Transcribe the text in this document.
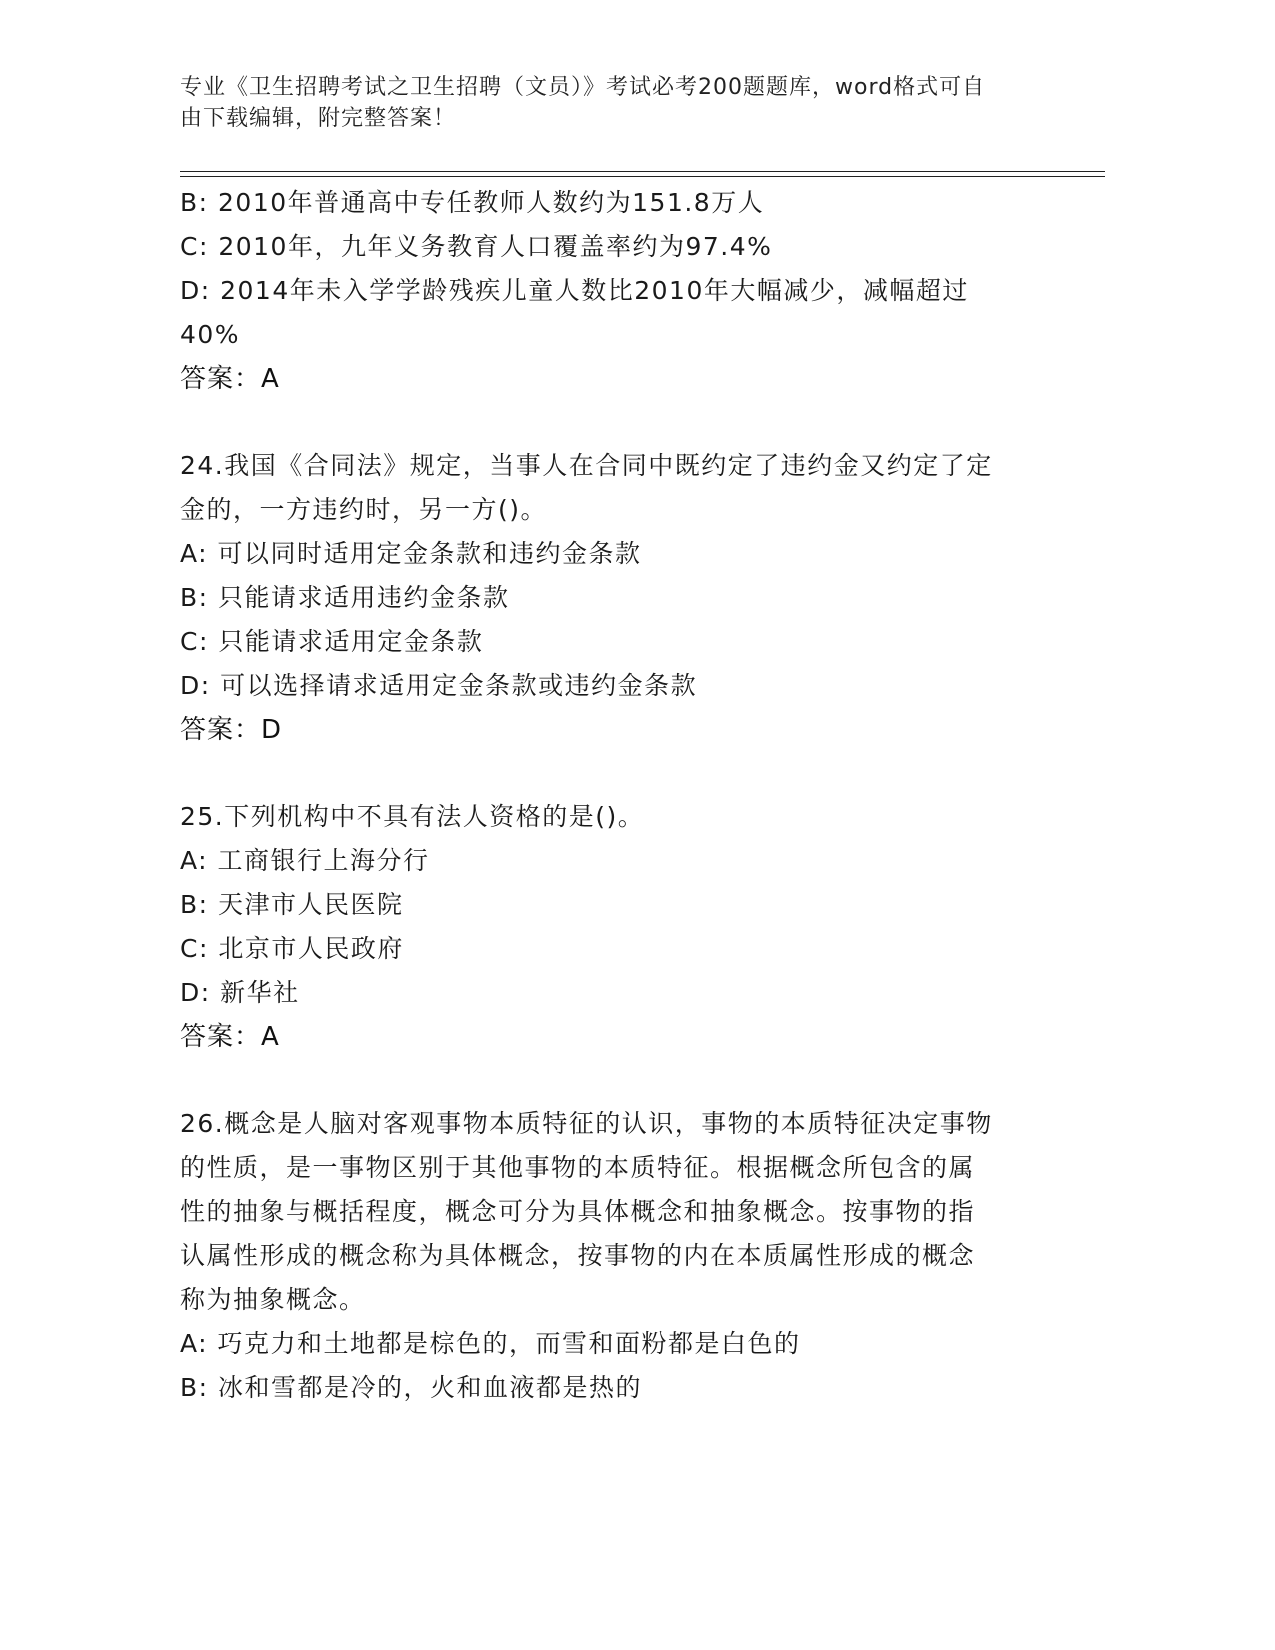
专业《卫生招聘考试之卫生招聘（文员）》考试必考200题题库，word格式可自
由下载编辑，附完整答案！
B: 2010年普通高中专任教师人数约为151.8万人
C: 2010年，九年义务教育人口覆盖率约为97.4%
D: 2014年未入学学龄残疾儿童人数比2010年大幅减少，减幅超过
40%
答案：A
24.我国《合同法》规定，当事人在合同中既约定了违约金又约定了定
金的，一方违约时，另一方()。
A: 可以同时适用定金条款和违约金条款
B: 只能请求适用违约金条款
C: 只能请求适用定金条款
D: 可以选择请求适用定金条款或违约金条款
答案：D
25.下列机构中不具有法人资格的是()。
A: 工商银行上海分行
B: 天津市人民医院
C: 北京市人民政府
D: 新华社
答案：A
26.概念是人脑对客观事物本质特征的认识，事物的本质特征决定事物
的性质，是一事物区别于其他事物的本质特征。根据概念所包含的属
性的抽象与概括程度，概念可分为具体概念和抽象概念。按事物的指
认属性形成的概念称为具体概念，按事物的内在本质属性形成的概念
称为抽象概念。
A: 巧克力和土地都是棕色的，而雪和面粉都是白色的
B: 冰和雪都是冷的，火和血液都是热的
